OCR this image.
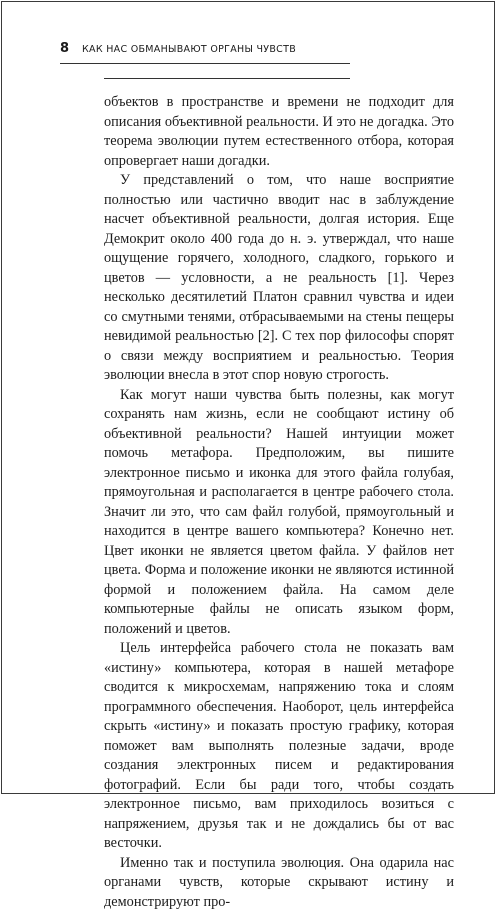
8 КАК НАС ОБМАНЫВАЮТ ОРГАНЫ ЧУВСТВ

объектов в пространстве и времени не подходит для описания объективной реальности. И это не догадка. Это теорема эволюции путем естественного отбора, которая опровергает наши догадки.

У представлений о том, что наше восприятие полностью или частично вводит нас в заблуждение насчет объективной реальности, долгая история. Еще Демокрит около 400 года до н. э. утверждал, что наше ощущение горячего, холодного, сладкого, горького и цветов — условности, а не реальность [1]. Через несколько десятилетий Платон сравнил чувства и идеи со смутными тенями, отбрасываемыми на стены пещеры невидимой реальностью [2]. С тех пор философы спорят о связи между восприятием и реальностью. Теория эволюции внесла в этот спор новую строгость.

Как могут наши чувства быть полезны, как могут сохранять нам жизнь, если не сообщают истину об объективной реальности? Нашей интуиции может помочь метафора. Предположим, вы пишите электронное письмо и иконка для этого файла голубая, прямоугольная и располагается в центре рабочего стола. Значит ли это, что сам файл голубой, прямоугольный и находится в центре вашего компьютера? Конечно нет. Цвет иконки не является цветом файла. У файлов нет цвета. Форма и положение иконки не являются истинной формой и положением файла. На самом деле компьютерные файлы не описать языком форм, положений и цветов.

Цель интерфейса рабочего стола не показать вам «истину» компьютера, которая в нашей метафоре сводится к микросхемам, напряжению тока и слоям программного обеспечения. Наоборот, цель интерфейса скрыть «истину» и показать простую графику, которая поможет вам выполнять полезные задачи, вроде создания электронных писем и редактирования фотографий. Если бы ради того, чтобы создать электронное письмо, вам приходилось возиться с напряжением, друзья так и не дождались бы от вас весточки.

Именно так и поступила эволюция. Она одарила нас органами чувств, которые скрывают истину и демонстрируют про-
